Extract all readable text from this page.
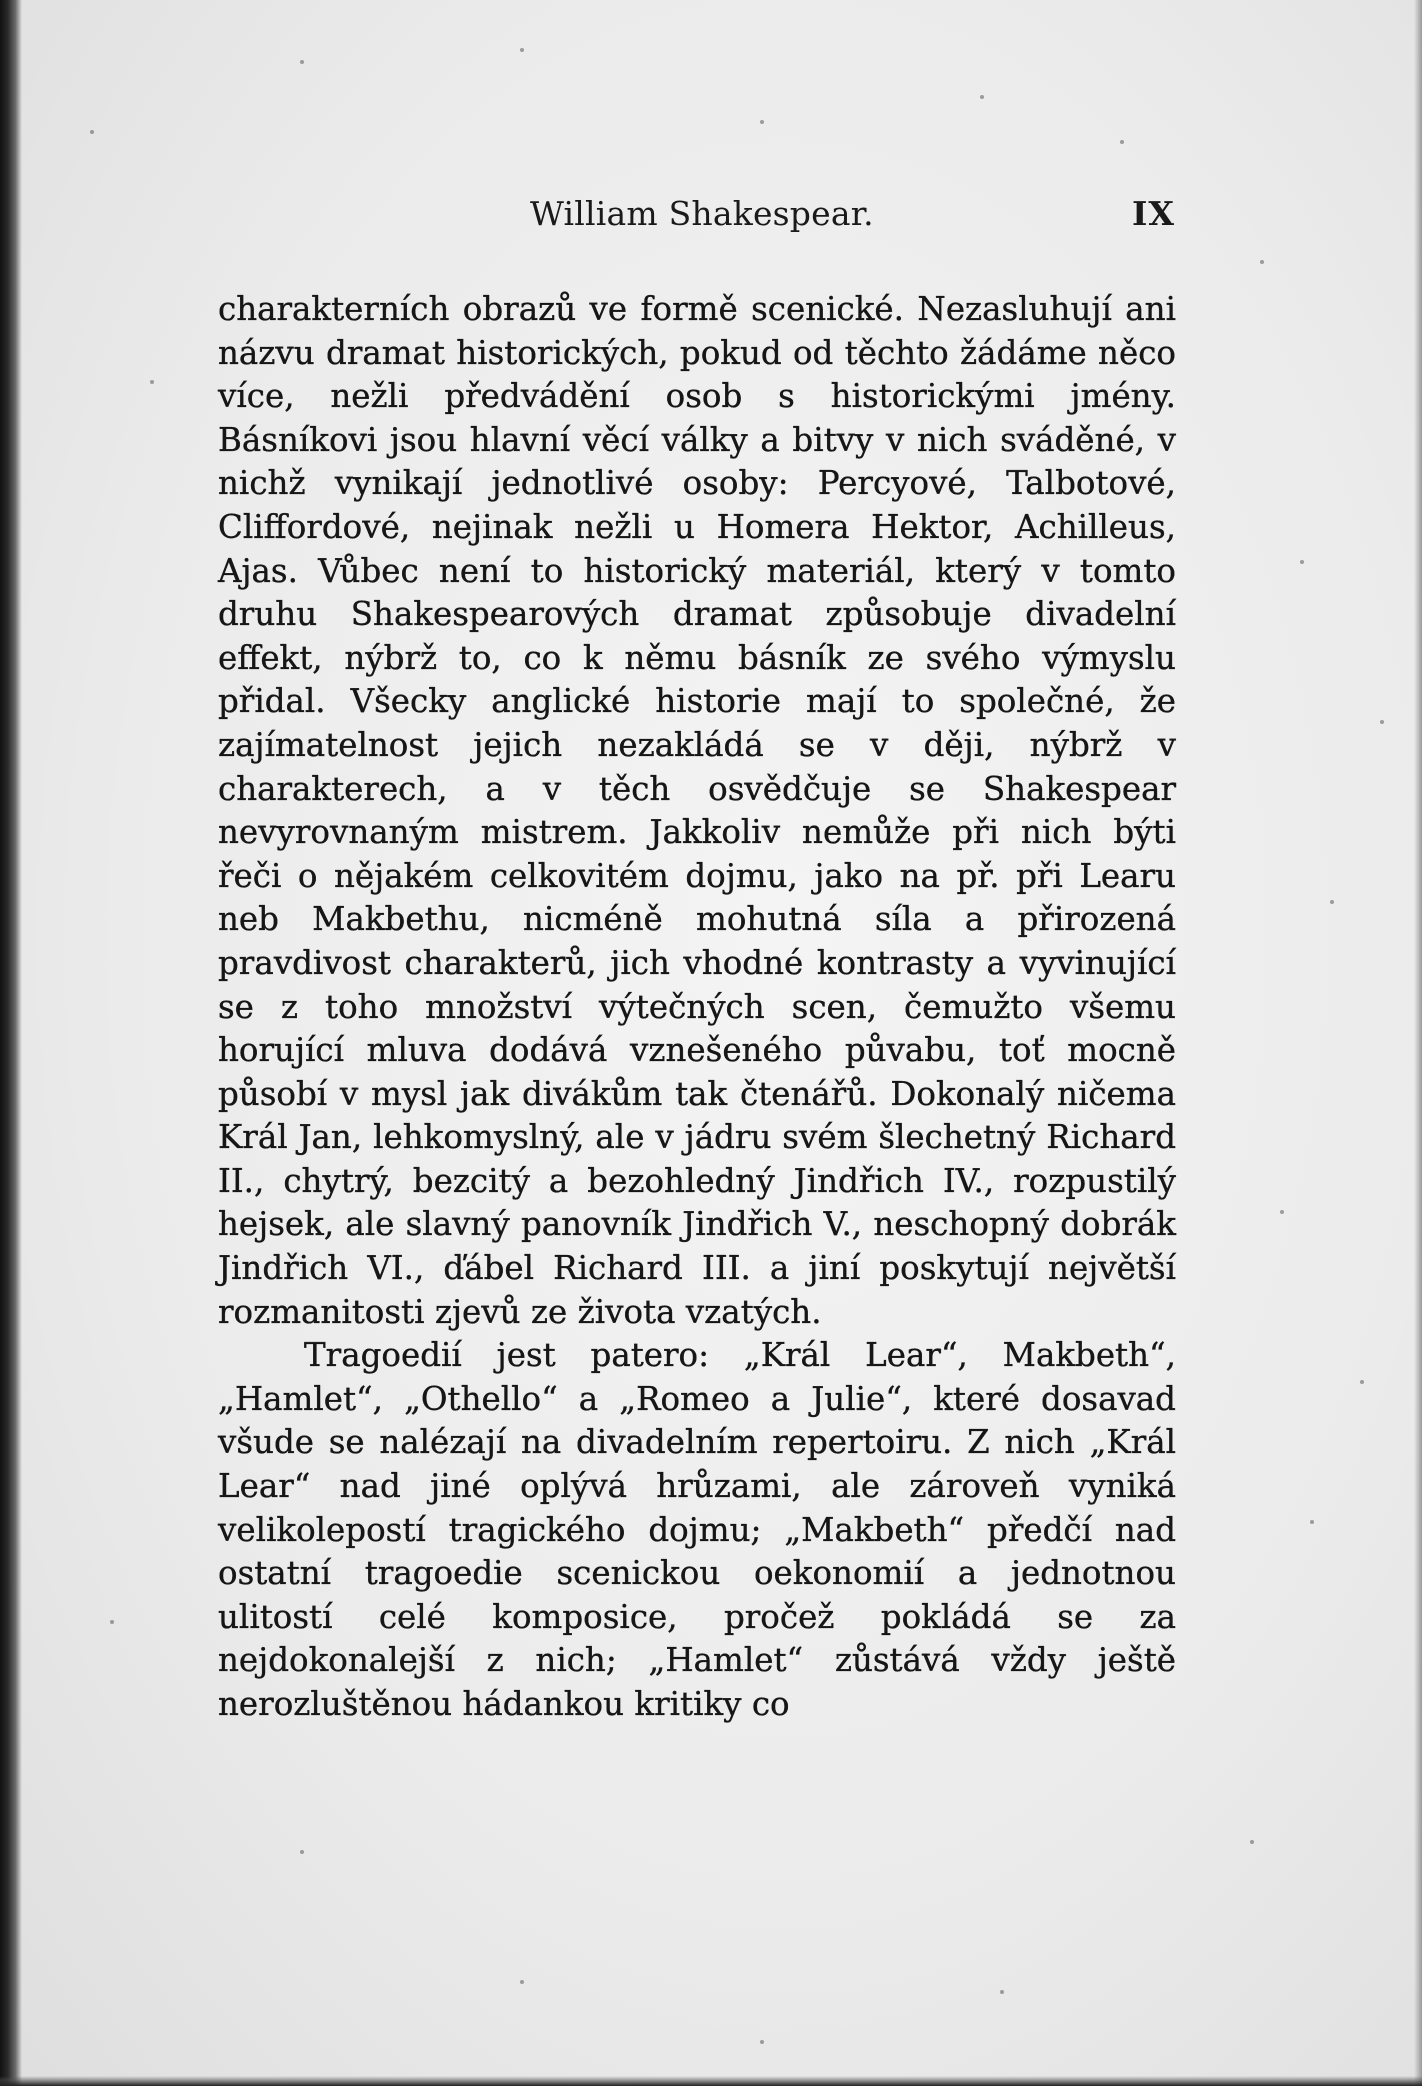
William Shakespear.	IX

charakterních obrazů ve formě scenické. Nezasluhují ani názvu dramat historických, pokud od těchto žádáme něco více, nežli předvádění osob s historickými jmény. Básníkovi jsou hlavní věcí války a bitvy v nich sváděné, v nichž vynikají jednotlivé osoby: Percyové, Talbotové, Cliffordové, nejinak nežli u Homera Hektor, Achilleus, Ajas. Vůbec není to historický materiál, který v tomto druhu Shakespearových dramat způsobuje divadelní effekt, nýbrž to, co k němu básník ze svého výmyslu přidal. Všecky anglické historie mají to společné, že zajímatelnost jejich nezakládá se v ději, nýbrž v charakterech, a v těch osvědčuje se Shakespear nevyrovnaným mistrem. Jakkoliv nemůže při nich býti řeči o nějakém celkovitém dojmu, jako na př. při Learu neb Makbethu, nicméně mohutná síla a přirozená pravdivost charakterů, jich vhodné kontrasty a vyvinující se z toho množství výtečných scen, čemužto všemu horující mluva dodává vznešeného půvabu, toť mocně působí v mysl jak divákům tak čtenářů. Dokonalý ničema Král Jan, lehkomyslný, ale v jádru svém šlechetný Richard II., chytrý, bezcitý a bezohledný Jindřich IV., rozpustilý hejsek, ale slavný panovník Jindřich V., neschopný dobrák Jindřich VI., ďábel Richard III. a jiní poskytují největší rozmanitosti zjevů ze života vzatých.

Tragoedií jest patero: „Král Lear“, Makbeth“, „Hamlet“, „Othello“ a „Romeo a Julie“, které dosavad všude se nalézají na divadelním repertoiru. Z nich „Král Lear“ nad jiné oplývá hrůzami, ale zároveň vyniká velikolepostí tragického dojmu; „Makbeth“ předčí nad ostatní tragoedie scenickou oekonomií a jednotnou ulitostí celé komposice, pročež pokládá se za nejdokonalejší z nich; „Hamlet“ zůstává vždy ještě nerozluštěnou hádankou kritiky co
